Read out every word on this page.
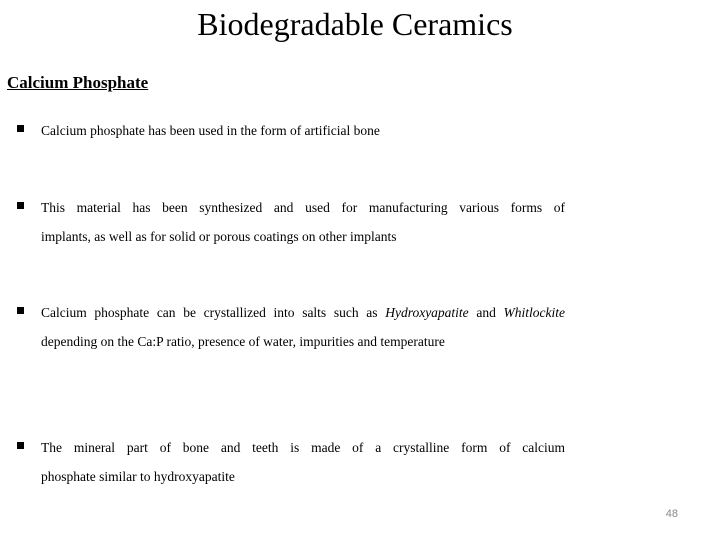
Biodegradable Ceramics
Calcium Phosphate
Calcium phosphate has been used in the form of artificial bone
This material has been synthesized and used for manufacturing various forms of
implants, as well as for solid or porous coatings on other implants
Calcium phosphate can be crystallized into salts such as Hydroxyapatite and Whitlockite depending on the Ca:P ratio, presence of water, impurities and temperature
The mineral part of bone and teeth is made of a crystalline form of calcium
phosphate similar to hydroxyapatite
48
